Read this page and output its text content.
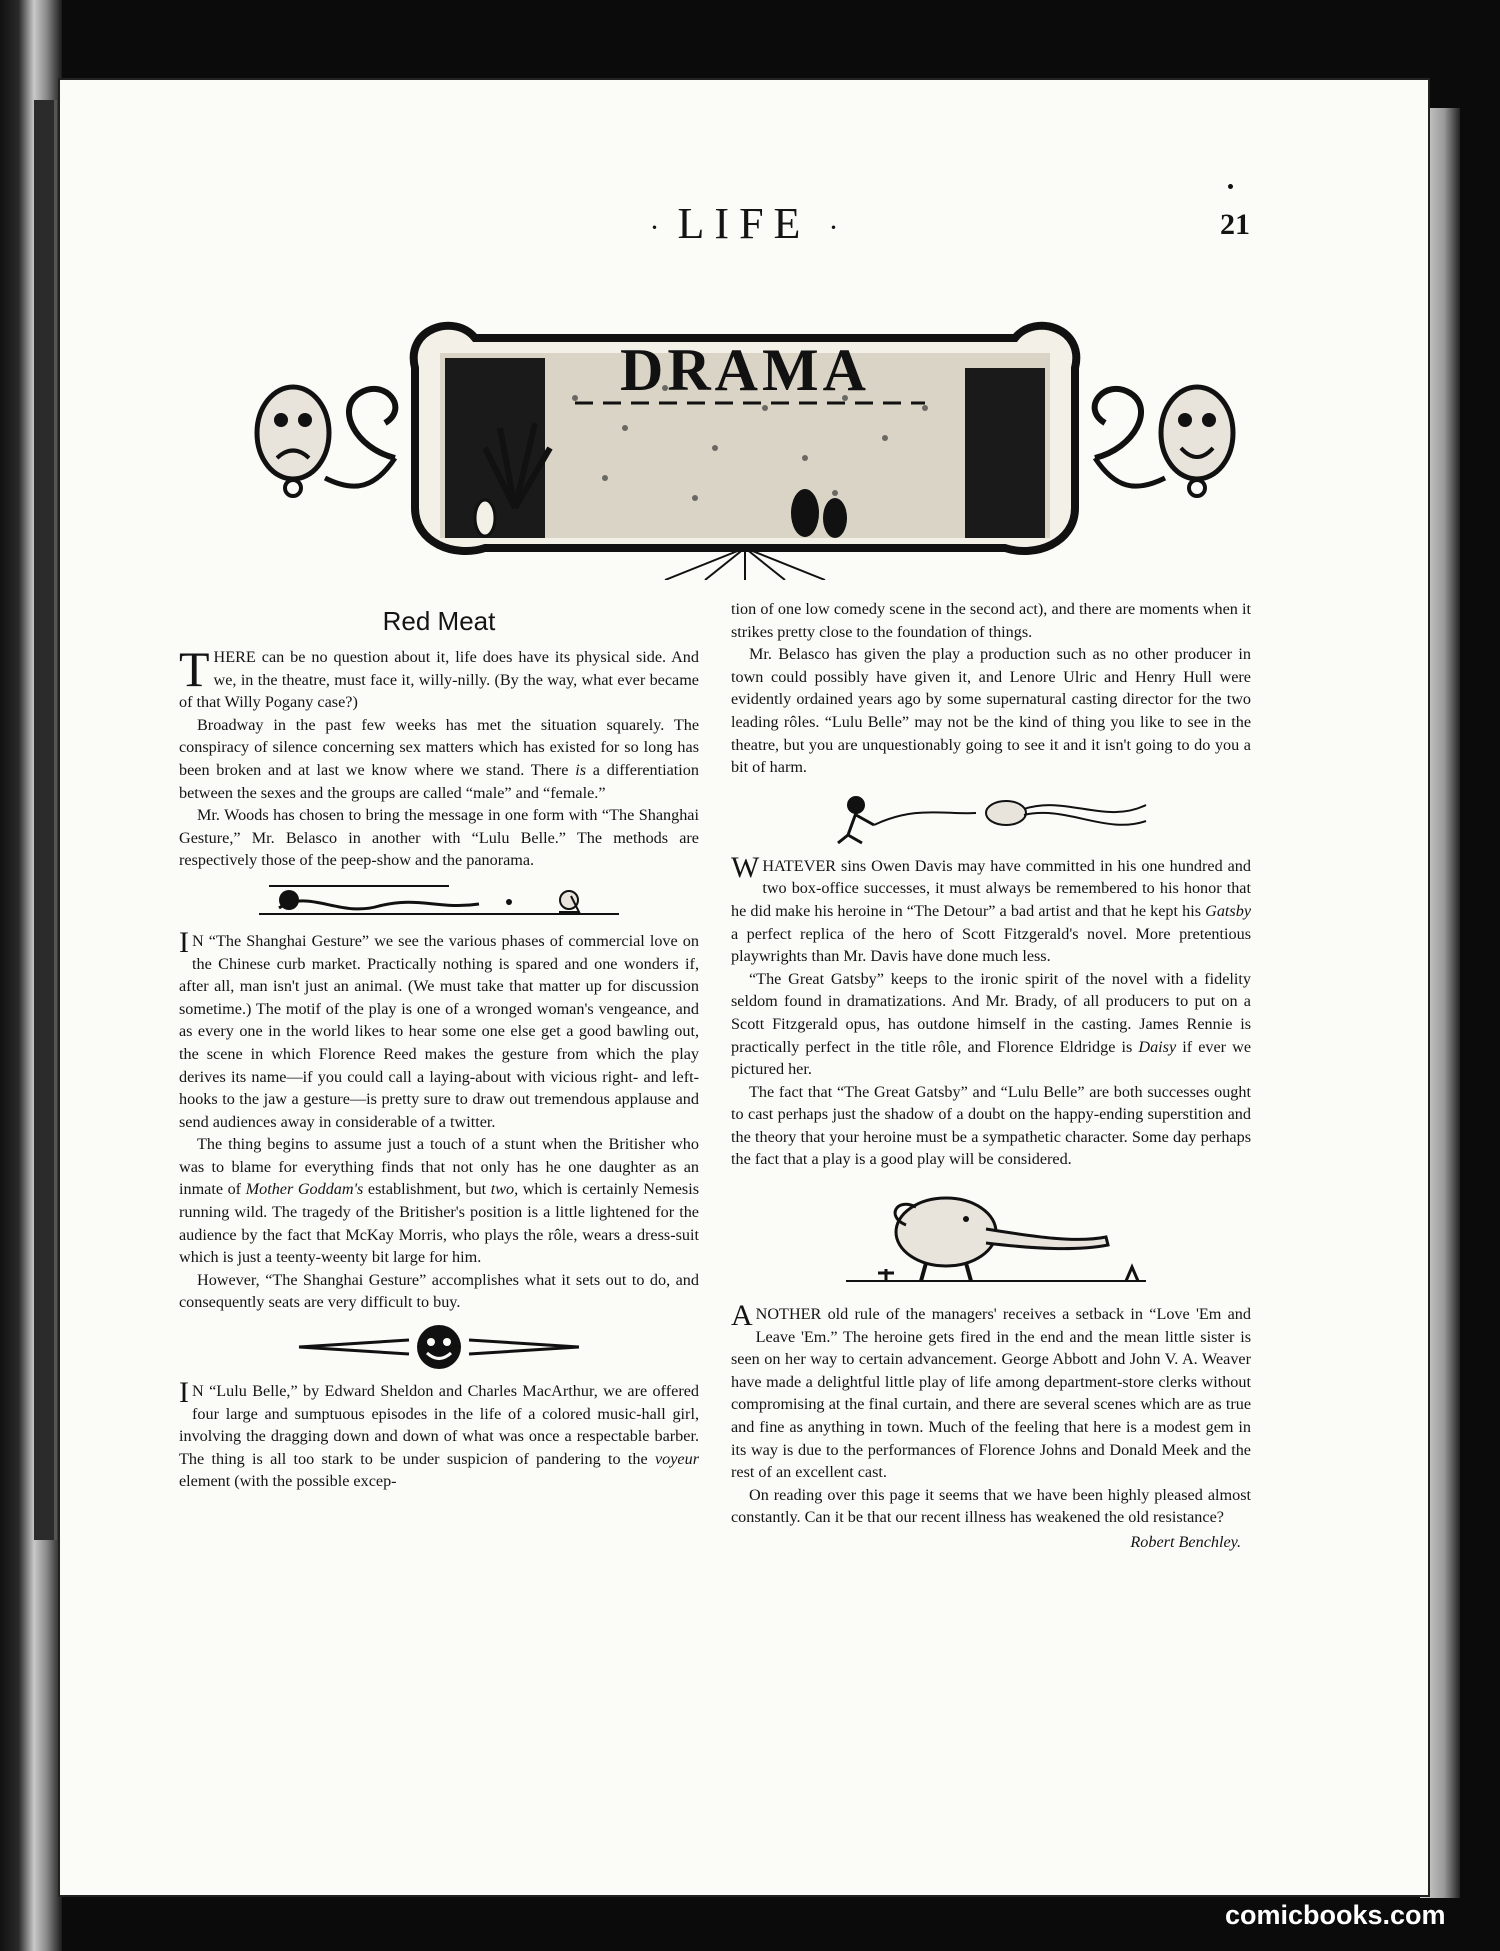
· LIFE ·	21
DRAMA
Red Meat

THERE can be no question about it, life does have its physical side. And we, in the theatre, must face it, willy-nilly. (By the way, what ever became of that Willy Pogany case?)

Broadway in the past few weeks has met the situation squarely. The conspiracy of silence concerning sex matters which has existed for so long has been broken and at last we know where we stand. There is a differentiation between the sexes and the groups are called “male” and “female.”

Mr. Woods has chosen to bring the message in one form with “The Shanghai Gesture,” Mr. Belasco in another with “Lulu Belle.” The methods are respectively those of the peep-show and the panorama.

I N “The Shanghai Gesture” we see the various phases of commercial love on the Chinese curb market. Practically nothing is spared and one wonders if, after all, man isn't just an animal. (We must take that matter up for discussion sometime.) The motif of the play is one of a wronged woman's vengeance, and as every one in the world likes to hear some one else get a good bawling out, the scene in which Florence Reed makes the gesture from which the play derives its name—if you could call a laying-about with vicious right- and left-hooks to the jaw a gesture—is pretty sure to draw out tremendous applause and send audiences away in considerable of a twitter.

The thing begins to assume just a touch of a stunt when the Britisher who was to blame for everything finds that not only has he one daughter as an inmate of Mother Goddam's establishment, but two, which is certainly Nemesis running wild. The tragedy of the Britisher's position is a little lightened for the audience by the fact that McKay Morris, who plays the rôle, wears a dress-suit which is just a teenty-weenty bit large for him.

However, “The Shanghai Gesture” accomplishes what it sets out to do, and consequently seats are very difficult to buy.

I N “Lulu Belle,” by Edward Sheldon and Charles MacArthur, we are offered four large and sumptuous episodes in the life of a colored music-hall girl, involving the dragging down and down of what was once a respectable barber. The thing is all too stark to be under suspicion of pandering to the voyeur element (with the possible excep-

tion of one low comedy scene in the second act), and there are moments when it strikes pretty close to the foundation of things.

Mr. Belasco has given the play a production such as no other producer in town could possibly have given it, and Lenore Ulric and Henry Hull were evidently ordained years ago by some supernatural casting director for the two leading rôles. “Lulu Belle” may not be the kind of thing you like to see in the theatre, but you are unquestionably going to see it and it isn't going to do you a bit of harm.

WHATEVER sins Owen Davis may have committed in his one hundred and two box-office successes, it must always be remembered to his honor that he did make his heroine in “The Detour” a bad artist and that he kept his Gatsby a perfect replica of the hero of Scott Fitzgerald's novel. More pretentious playwrights than Mr. Davis have done much less.

“The Great Gatsby” keeps to the ironic spirit of the novel with a fidelity seldom found in dramatizations. And Mr. Brady, of all producers to put on a Scott Fitzgerald opus, has outdone himself in the casting. James Rennie is practically perfect in the title rôle, and Florence Eldridge is Daisy if ever we pictured her.

The fact that “The Great Gatsby” and “Lulu Belle” are both successes ought to cast perhaps just the shadow of a doubt on the happy-ending superstition and the theory that your heroine must be a sympathetic character. Some day perhaps the fact that a play is a good play will be considered.

ANOTHER old rule of the managers' receives a setback in “Love 'Em and Leave 'Em.” The heroine gets fired in the end and the mean little sister is seen on her way to certain advancement. George Abbott and John V. A. Weaver have made a delightful little play of life among department-store clerks without compromising at the final curtain, and there are several scenes which are as true and fine as anything in town. Much of the feeling that here is a modest gem in its way is due to the performances of Florence Johns and Donald Meek and the rest of an excellent cast.

On reading over this page it seems that we have been highly pleased almost constantly. Can it be that our recent illness has weakened the old resistance?

Robert Benchley.
comicbooks.com
